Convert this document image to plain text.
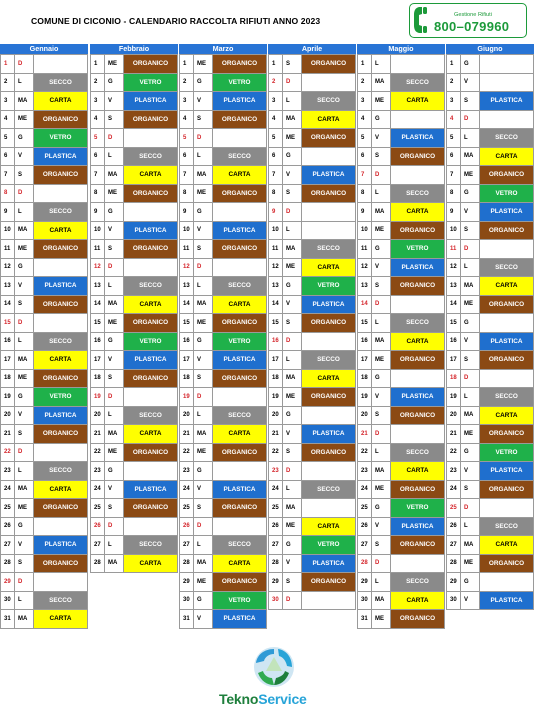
COMUNE DI CICONIO - CALENDARIO RACCOLTA RIFIUTI ANNO 2023
Gestione Rifiuti
800–079960
Gennaio
1	D
2	L	SECCO
3	MA	CARTA
4	ME	ORGANICO
5	G	VETRO
6	V	PLASTICA
7	S	ORGANICO
8	D
9	L	SECCO
10	MA	CARTA
11	ME	ORGANICO
12	G
13	V	PLASTICA
14	S	ORGANICO
15	D
16	L	SECCO
17	MA	CARTA
18	ME	ORGANICO
19	G	VETRO
20	V	PLASTICA
21	S	ORGANICO
22	D
23	L	SECCO
24	MA	CARTA
25	ME	ORGANICO
26	G
27	V	PLASTICA
28	S	ORGANICO
29	D
30	L	SECCO
31	MA	CARTA
Febbraio
1	ME	ORGANICO
2	G	VETRO
3	V	PLASTICA
4	S	ORGANICO
5	D
6	L	SECCO
7	MA	CARTA
8	ME	ORGANICO
9	G
10	V	PLASTICA
11	S	ORGANICO
12	D
13	L	SECCO
14	MA	CARTA
15	ME	ORGANICO
16	G	VETRO
17	V	PLASTICA
18	S	ORGANICO
19	D
20	L	SECCO
21	MA	CARTA
22	ME	ORGANICO
23	G
24	V	PLASTICA
25	S	ORGANICO
26	D
27	L	SECCO
28	MA	CARTA
Marzo
1	ME	ORGANICO
2	G	VETRO
3	V	PLASTICA
4	S	ORGANICO
5	D
6	L	SECCO
7	MA	CARTA
8	ME	ORGANICO
9	G
10	V	PLASTICA
11	S	ORGANICO
12	D
13	L	SECCO
14	MA	CARTA
15	ME	ORGANICO
16	G	VETRO
17	V	PLASTICA
18	S	ORGANICO
19	D
20	L	SECCO
21	MA	CARTA
22	ME	ORGANICO
23	G
24	V	PLASTICA
25	S	ORGANICO
26	D
27	L	SECCO
28	MA	CARTA
29	ME	ORGANICO
30	G	VETRO
31	V	PLASTICA
Aprile
1	S	ORGANICO
2	D
3	L	SECCO
4	MA	CARTA
5	ME	ORGANICO
6	G
7	V	PLASTICA
8	S	ORGANICO
9	D
10	L
11	MA	SECCO
12	ME	CARTA
13	G	VETRO
14	V	PLASTICA
15	S	ORGANICO
16	D
17	L	SECCO
18	MA	CARTA
19	ME	ORGANICO
20	G
21	V	PLASTICA
22	S	ORGANICO
23	D
24	L	SECCO
25	MA
26	ME	CARTA
27	G	VETRO
28	V	PLASTICA
29	S	ORGANICO
30	D
Maggio
1	L
2	MA	SECCO
3	ME	CARTA
4	G
5	V	PLASTICA
6	S	ORGANICO
7	D
8	L	SECCO
9	MA	CARTA
10	ME	ORGANICO
11	G	VETRO
12	V	PLASTICA
13	S	ORGANICO
14	D
15	L	SECCO
16	MA	CARTA
17	ME	ORGANICO
18	G
19	V	PLASTICA
20	S	ORGANICO
21	D
22	L	SECCO
23	MA	CARTA
24	ME	ORGANICO
25	G	VETRO
26	V	PLASTICA
27	S	ORGANICO
28	D
29	L	SECCO
30	MA	CARTA
31	ME	ORGANICO
Giugno
1	G
2	V
3	S	PLASTICA
4	D
5	L	SECCO
6	MA	CARTA
7	ME	ORGANICO
8	G	VETRO
9	V	PLASTICA
10	S	ORGANICO
11	D
12	L	SECCO
13	MA	CARTA
14	ME	ORGANICO
15	G
16	V	PLASTICA
17	S	ORGANICO
18	D
19	L	SECCO
20	MA	CARTA
21	ME	ORGANICO
22	G	VETRO
23	V	PLASTICA
24	S	ORGANICO
25	D
26	L	SECCO
27	MA	CARTA
28	ME	ORGANICO
29	G
30	V	PLASTICA
TeknoService
